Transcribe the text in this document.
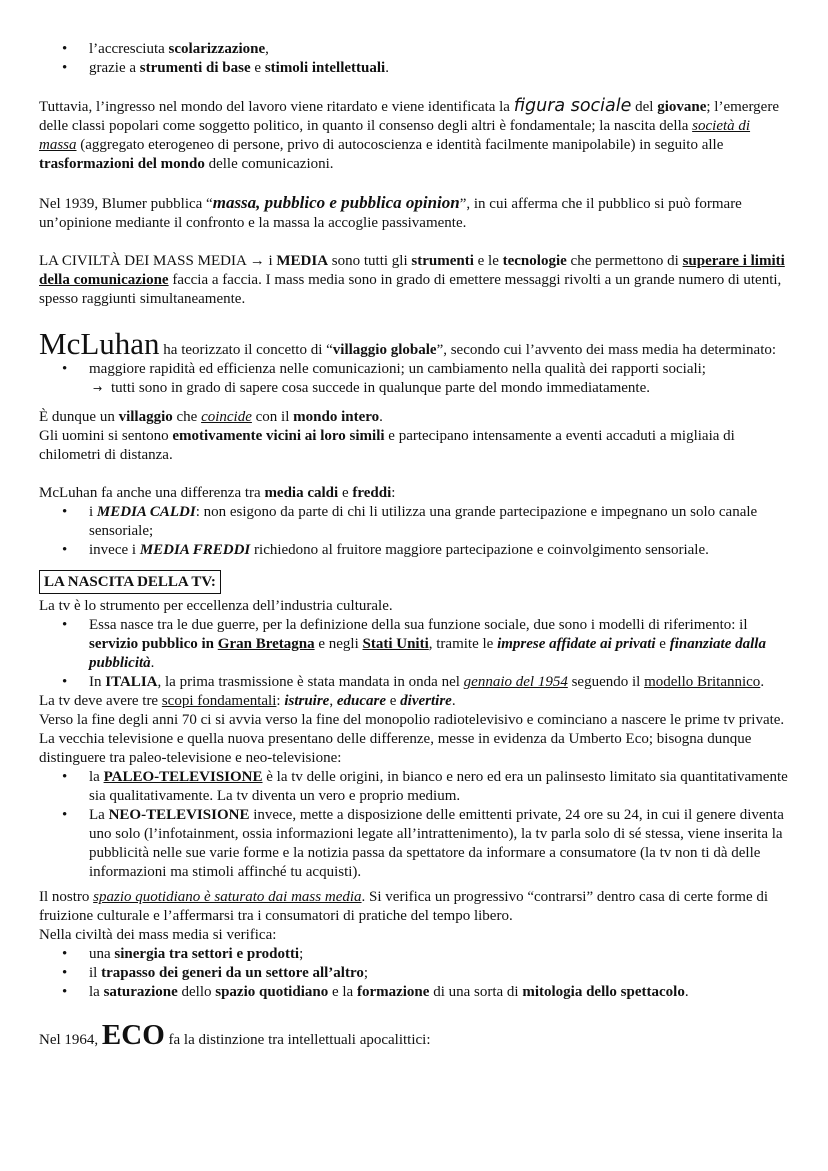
• l’accresciuta scolarizzazione,
• grazie a strumenti di base e stimoli intellettuali.

Tuttavia, l’ingresso nel mondo del lavoro viene ritardato e viene identificata la figura sociale del giovane; l’emergere delle classi popolari come soggetto politico, in quanto il consenso degli altri è fondamentale; la nascita della società di massa (aggregato eterogeneo di persone, privo di autocoscienza e identità facilmente manipolabile) in seguito alle trasformazioni del mondo delle comunicazioni.

Nel 1939, Blumer pubblica “massa, pubblico e pubblica opinion”, in cui afferma che il pubblico si può formare un’opinione mediante il confronto e la massa la accoglie passivamente.

LA CIVILTÀ DEI MASS MEDIA → i MEDIA sono tutti gli strumenti e le tecnologie che permettono di superare i limiti della comunicazione faccia a faccia. I mass media sono in grado di emettere messaggi rivolti a un grande numero di utenti, spesso raggiunti simultaneamente.

McLuhan ha teorizzato il concetto di “villaggio globale”, secondo cui l’avvento dei mass media ha determinato:

• maggiore rapidità ed efficienza nelle comunicazioni; un cambiamento nella qualità dei rapporti sociali;
→ tutti sono in grado di sapere cosa succede in qualunque parte del mondo immediatamente.

È dunque un villaggio che coincide con il mondo intero.

Gli uomini si sentono emotivamente vicini ai loro simili e partecipano intensamente a eventi accaduti a migliaia di chilometri di distanza.

McLuhan fa anche una differenza tra media caldi e freddi:

• i MEDIA CALDI: non esigono da parte di chi li utilizza una grande partecipazione e impegnano un solo canale sensoriale;
• invece i MEDIA FREDDI richiedono al fruitore maggiore partecipazione e coinvolgimento sensoriale.
LA NASCITA DELLA TV:

La tv è lo strumento per eccellenza dell’industria culturale.

• Essa nasce tra le due guerre, per la definizione della sua funzione sociale, due sono i modelli di riferimento: il servizio pubblico in Gran Bretagna e negli Stati Uniti, tramite le imprese affidate ai privati e finanziate dalla pubblicità.
• In ITALIA, la prima trasmissione è stata mandata in onda nel gennaio del 1954 seguendo il modello Britannico.

La tv deve avere tre scopi fondamentali: istruire, educare e divertire.

Verso la fine degli anni 70 ci si avvia verso la fine del monopolio radiotelevisivo e cominciano a nascere le prime tv private. La vecchia televisione e quella nuova presentano delle differenze, messe in evidenza da Umberto Eco; bisogna dunque distinguere tra paleo-televisione e neo-televisione:

• la PALEO-TELEVISIONE è la tv delle origini, in bianco e nero ed era un palinsesto limitato sia quantitativamente sia qualitativamente. La tv diventa un vero e proprio medium.
• La NEO-TELEVISIONE invece, mette a disposizione delle emittenti private, 24 ore su 24, in cui il genere diventa uno solo (l’infotainment, ossia informazioni legate all’intrattenimento), la tv parla solo di sé stessa, viene inserita la pubblicità nelle sue varie forme e la notizia passa da spettatore da informare a consumatore (la tv non ti dà delle informazioni ma stimoli affinché tu acquisti).

Il nostro spazio quotidiano è saturato dai mass media. Si verifica un progressivo “contrarsi” dentro casa di certe forme di fruizione culturale e l’affermarsi tra i consumatori di pratiche del tempo libero.

Nella civiltà dei mass media si verifica:

• una sinergia tra settori e prodotti;
• il trapasso dei generi da un settore all’altro;
• la saturazione dello spazio quotidiano e la formazione di una sorta di mitologia dello spettacolo.

Nel 1964, ECO fa la distinzione tra intellettuali apocalittici:
